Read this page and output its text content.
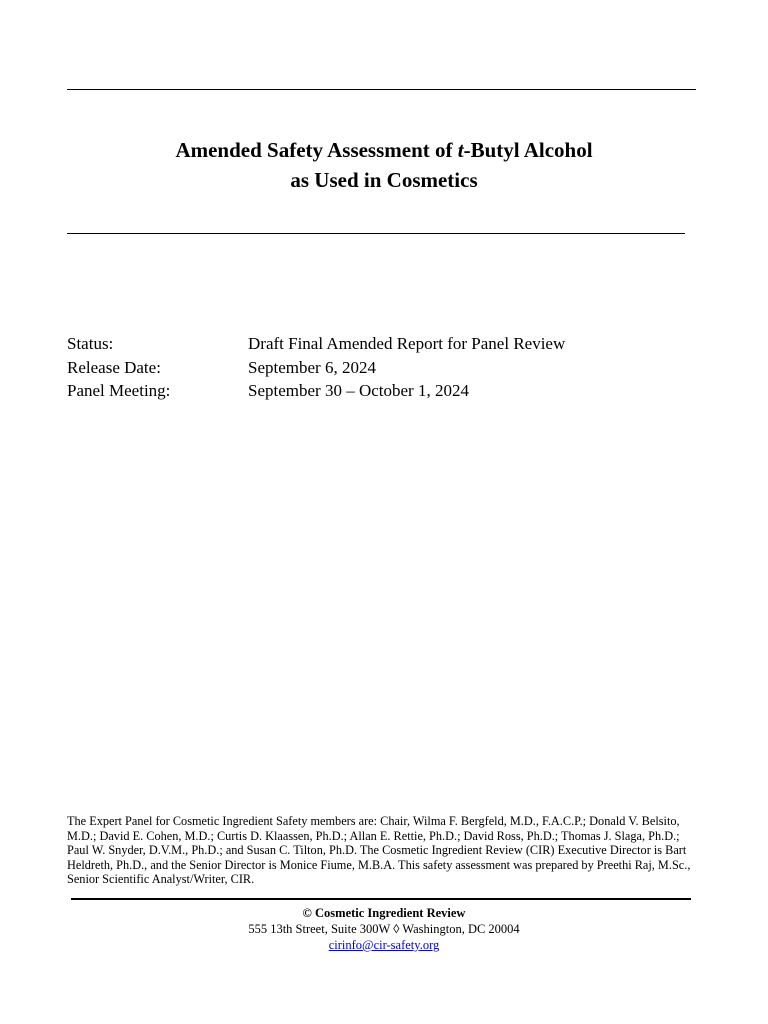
Amended Safety Assessment of t-Butyl Alcohol
as Used in Cosmetics
Status:	Draft Final Amended Report for Panel Review
Release Date:	September 6, 2024
Panel Meeting:	September 30 – October 1, 2024
The Expert Panel for Cosmetic Ingredient Safety members are: Chair, Wilma F. Bergfeld, M.D., F.A.C.P.; Donald V. Belsito, M.D.; David E. Cohen, M.D.; Curtis D. Klaassen, Ph.D.; Allan E. Rettie, Ph.D.; David Ross, Ph.D.; Thomas J. Slaga, Ph.D.; Paul W. Snyder, D.V.M., Ph.D.; and Susan C. Tilton, Ph.D. The Cosmetic Ingredient Review (CIR) Executive Director is Bart Heldreth, Ph.D., and the Senior Director is Monice Fiume, M.B.A. This safety assessment was prepared by Preethi Raj, M.Sc., Senior Scientific Analyst/Writer, CIR.
© Cosmetic Ingredient Review
555 13th Street, Suite 300W ◊ Washington, DC 20004
cirinfo@cir-safety.org
